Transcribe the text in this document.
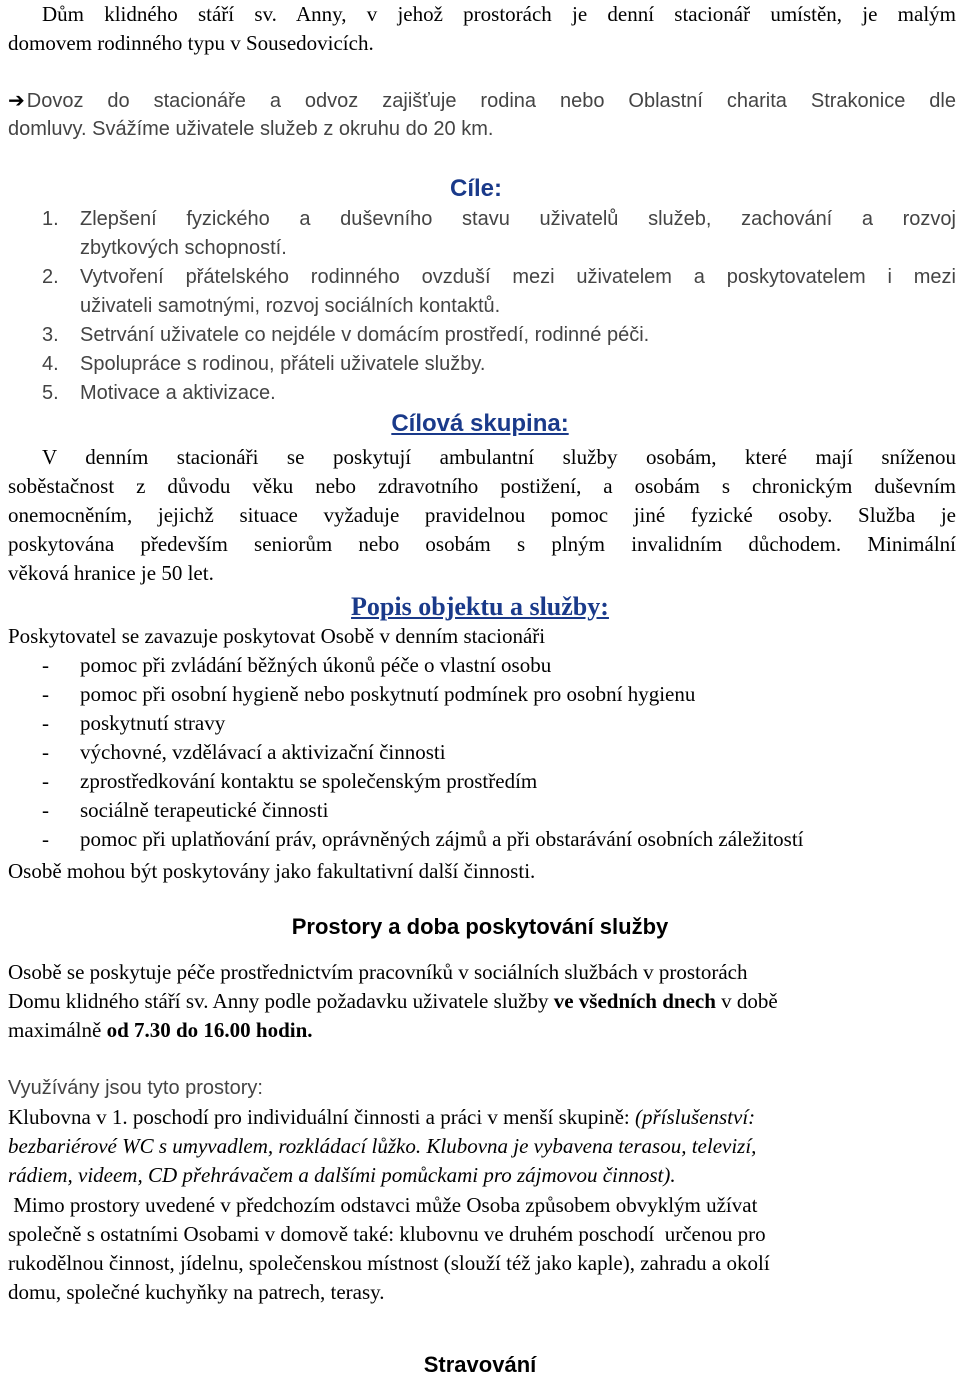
Dům klidného stáří sv. Anny, v jehož prostorách je denní stacionář umístěn, je malým

domovem rodinného typu v Sousedovicích.

➔ Dovoz do stacionáře a odvoz zajišťuje rodina nebo Oblastní charita Strakonice dle

domluvy. Svážíme uživatele služeb z okruhu do 20 km.

Cíle:
1. Zlepšení fyzického a duševního stavu uživatelů služeb, zachování a rozvoj

zbytkových schopností.

2. Vytvoření přátelského rodinného ovzduší mezi uživatelem a poskytovatelem i mezi

uživateli samotnými, rozvoj sociálních kontaktů.

3. Setrvání uživatele co nejdéle v domácím prostředí, rodinné péči.

4. Spolupráce s rodinou, přáteli uživatele služby.

5. Motivace a aktivizace.

Cílová skupina:

V denním stacionáři se poskytují ambulantní služby osobám, které mají sníženou

soběstačnost z důvodu věku nebo zdravotního postižení, a osobám s chronickým duševním

onemocněním, jejichž situace vyžaduje pravidelnou pomoc jiné fyzické osoby. Služba je

poskytována především seniorům nebo osobám s plným invalidním důchodem. Minimální

věková hranice je 50 let.

Popis objektu a služby:

Poskytovatel se zavazuje poskytovat Osobě v denním stacionáři

- pomoc při zvládání běžných úkonů péče o vlastní osobu
- pomoc při osobní hygieně nebo poskytnutí podmínek pro osobní hygienu
- poskytnutí stravy
- výchovné, vzdělávací a aktivizační činnosti
- zprostředkování kontaktu se společenským prostředím
- sociálně terapeutické činnosti
- pomoc při uplatňování práv, oprávněných zájmů a při obstarávání osobních záležitostí

Osobě mohou být poskytovány jako fakultativní další činnosti.

Prostory a doba poskytování služby

Osobě se poskytuje péče prostřednictvím pracovníků v sociálních službách v prostorách

Domu klidného stáří sv. Anny podle požadavku uživatele služby ve všedních dnech v době

maximálně od 7.30 do 16.00 hodin.

Využívány jsou tyto prostory:

Klubovna v 1. poschodí pro individuální činnosti a práci v menší skupině: (příslušenství:

bezbariérové WC s umyvadlem, rozkládací lůžko. Klubovna je vybavena terasou, televizí,

rádiem, videem, CD přehrávačem a dalšími pomůckami pro zájmovou činnost).

Mimo prostory uvedené v předchozím odstavci může Osoba způsobem obvyklým užívat

společně s ostatními Osobami v domově také: klubovnu ve druhém poschodí  určenou pro

rukodělnou činnost, jídelnu, společenskou místnost (slouží též jako kaple), zahradu a okolí

domu, společné kuchyňky na patrech, terasy.

Stravování
